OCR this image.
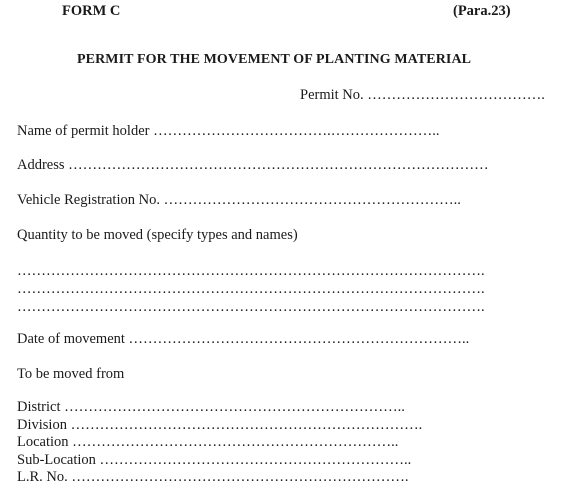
FORM C	(Para.23)
PERMIT FOR THE MOVEMENT OF PLANTING MATERIAL
Permit No. ……………………………….
Name of permit holder ……………………………….…………………..
Address ……………………………………………………………………………
Vehicle Registration No. ……………………………………………………..
Quantity to be moved (specify types and names)
…………………………………………………………………………………….
…………………………………………………………………………………….
…………………………………………………………………………………….
Date of movement ……………………………………………………………..
To be moved from
District ……………………………………………………………..
Division ……………………………………………………………….
Location …………………………………………………………..
Sub-Location ………………………………………………………..
L.R. No. …………………………………………………………….
